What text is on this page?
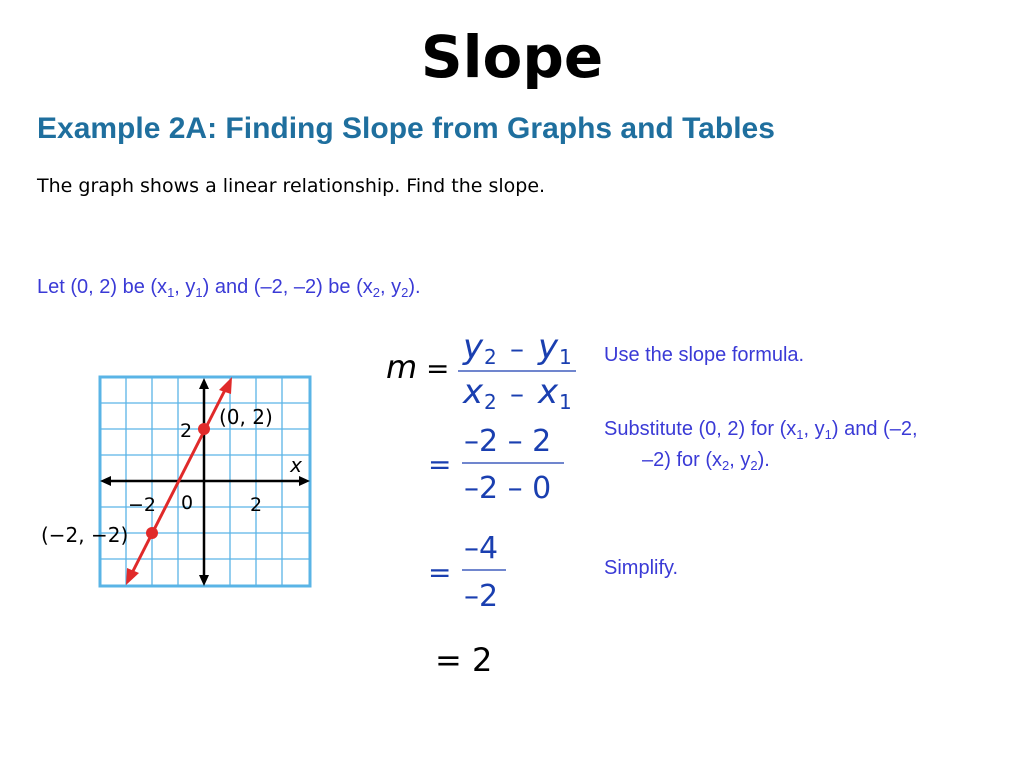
Slope
Example 2A: Finding Slope from Graphs and Tables
The graph shows a linear relationship. Find the slope.
Let (0, 2) be ($x_1$, $y_1$) and (–2, –2) be ($x_2$, $y_2$).
−2 0	2
2
x
(0, 2)
(−2, −2)
m =
y 2 – y 1
x 2 – x 1
=
–2 – 2
–2 – 0
=
–4
–2
= 2
Use the slope formula.
Substitute (0, 2) for ($x_1$, $y_1$) and (–2,
–2) for ($x_2$, $y_2$).
Simplify.
